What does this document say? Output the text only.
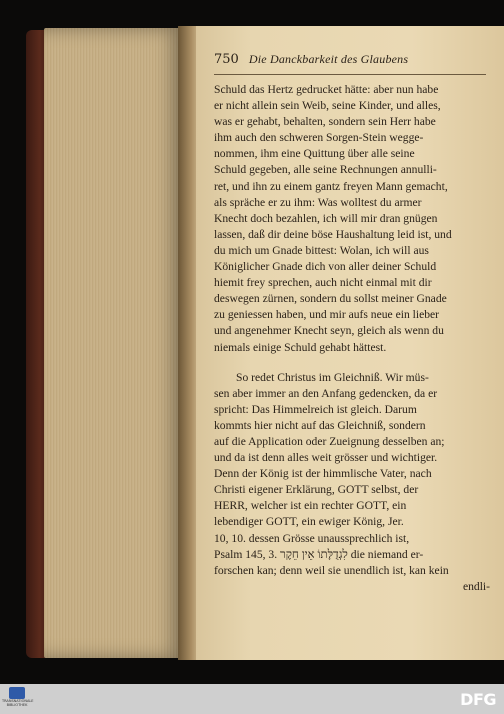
750 Die Danckbarkeit des Glaubens
Schuld das Hertz gedrucket hätte: aber nun habe
er nicht allein sein Weib, seine Kinder, und alles,
was er gehabt, behalten, sondern sein Herr habe
ihm auch den schweren Sorgen-Stein wegge-
nommen, ihm eine Quittung über alle seine
Schuld gegeben, alle seine Rechnungen annulli-
ret, und ihn zu einem gantz freyen Mann gemacht,
als spräche er zu ihm: Was wolltest du armer
Knecht doch bezahlen, ich will mir dran gnügen
lassen, daß dir deine böse Haushaltung leid ist, und
du mich um Gnade bittest: Wolan, ich will aus
Königlicher Gnade dich von aller deiner Schuld
hiemit frey sprechen, auch nicht einmal mit dir
deswegen zürnen, sondern du sollst meiner Gnade
zu geniessen haben, und mir aufs neue ein lieber
und angenehmer Knecht seyn, gleich als wenn du
niemals einige Schuld gehabt hättest.
So redet Christus im Gleichniß. Wir müs-
sen aber immer an den Anfang gedencken, da er
spricht: Das Himmelreich ist gleich. Darum
kommts hier nicht auf das Gleichniß, sondern
auf die Application oder Zueignung desselben an;
und da ist denn alles weit grösser und wichtiger.
Denn der König ist der himmlische Vater, nach
Christi eigener Erklärung, GOTT selbst, der
HERR, welcher ist ein rechter GOTT, ein
lebendiger GOTT, ein ewiger König, Jer.
10, 10. dessen Grösse unaussprechlich ist,
Psalm 145, 3. לִגְדֻלָּתוֹ אֵין חֵקֶר die niemand er-
forschen kan; denn weil sie unendlich ist, kan kein
endli-
TRANSNATIONALE BIBLIOTHEK	DFG
